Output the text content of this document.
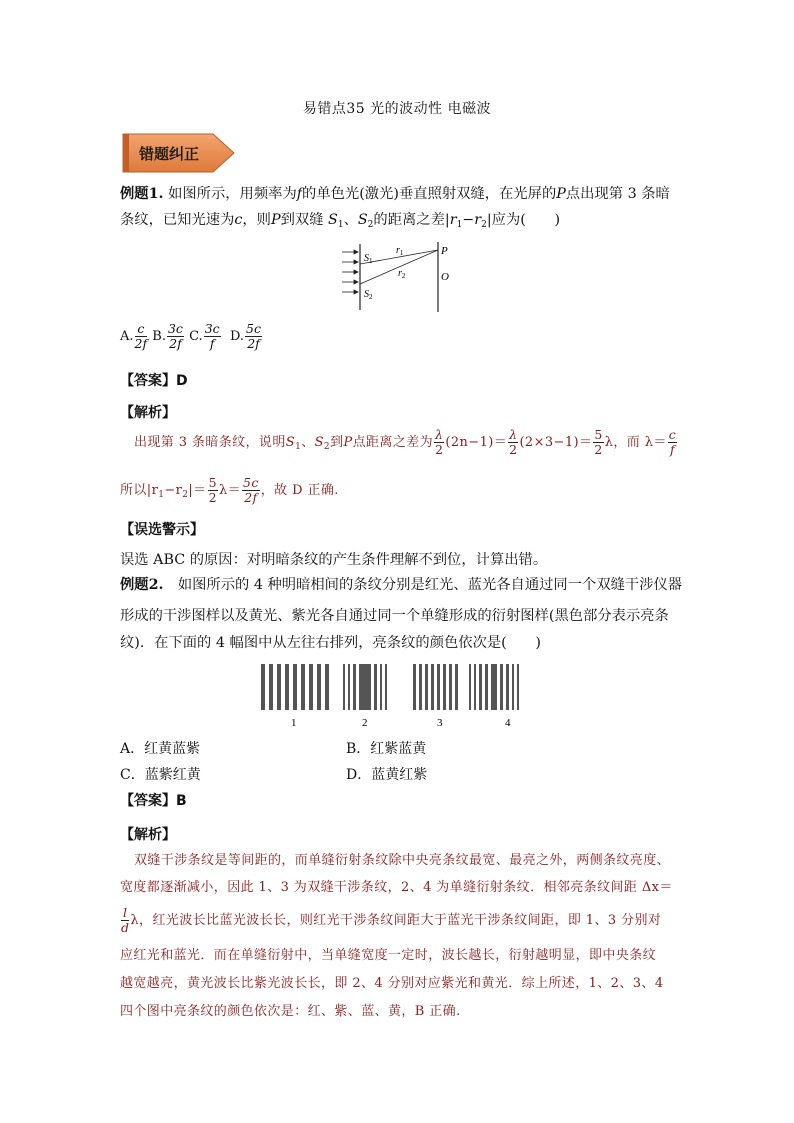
易错点35 光的波动性 电磁波
错题纠正
例题1. 如图所示，用频率为f的单色光(激光)垂直照射双缝，在光屏的P点出现第 3 条暗
条纹，已知光速为c，则P到双缝 $S_1$、$S_2$的距离之差$|r_1-r_2|$应为(　　)
$S_1$
$S_2$
$r_1$
$r_2$
P
O
A. $\frac{c}{2f} B$. $\frac{3c}{2f} C$. $\frac{3c}{f} D$. $\frac{5c}{2f}$
【答案】D
【解析】
出现第 3 条暗条纹，说明$S_1$、$S_2$到P点距离之差为 $\frac{\lambda}{2} (2n-1)= \frac{\lambda}{2} (2\times 3-1)= \frac{5}{2}$ λ，而 $\lambda= \frac{c}{f}$
所以$|r_1-r_2|= \frac{5}{2} \lambda= \frac{5c}{2f}$ ，故 D 正确.
【误选警示】
误选 ABC 的原因：对明暗条纹的产生条件理解不到位，计算出错。
例题2.　如图所示的 4 种明暗相间的条纹分别是红光、蓝光各自通过同一个双缝干涉仪器
形成的干涉图样以及黄光、紫光各自通过同一个单缝形成的衍射图样(黑色部分表示亮条
纹)．在下面的 4 幅图中从左往右排列，亮条纹的颜色依次是(　　)
1	2	3	4
A．红黄蓝紫	B．红紫蓝黄
C．蓝紫红黄	D．蓝黄红紫
【答案】B
【解析】
双缝干涉条纹是等间距的，而单缝衍射条纹除中央亮条纹最宽、最亮之外，两侧条纹亮度、
宽度都逐渐减小，因此 1、3 为双缝干涉条纹，2、4 为单缝衍射条纹．相邻亮条纹间距 Δx＝
$\frac{l}{d}$ λ，红光波长比蓝光波长长，则红光干涉条纹间距大于蓝光干涉条纹间距，即 1、3 分别对
应红光和蓝光．而在单缝衍射中，当单缝宽度一定时，波长越长，衍射越明显，即中央条纹
越宽越亮，黄光波长比紫光波长长，即 2、4 分别对应紫光和黄光．综上所述，1、2、3、4
四个图中亮条纹的颜色依次是：红、紫、蓝、黄，B 正确.
